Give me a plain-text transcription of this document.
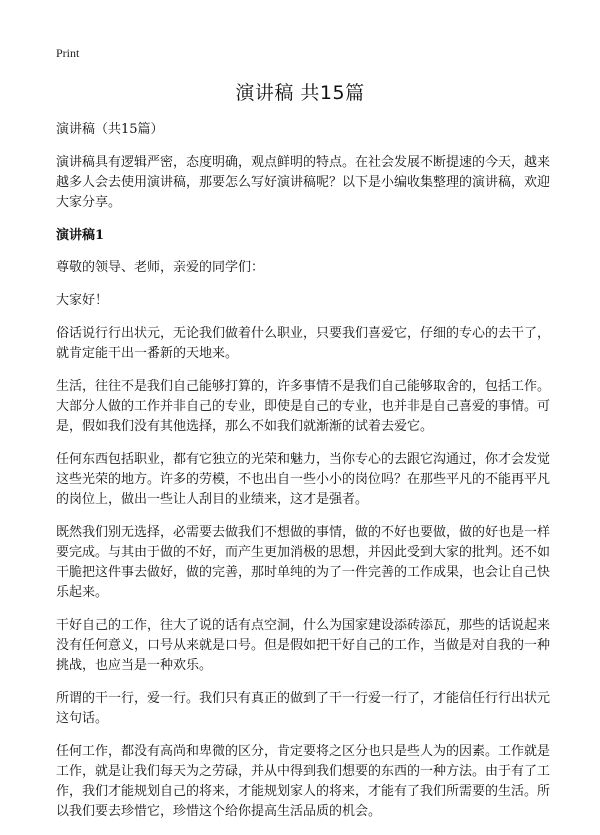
Print
演讲稿 共15篇

演讲稿（共15篇）

演讲稿具有逻辑严密，态度明确，观点鲜明的特点。在社会发展不断提速的今天，越来越多人会去使用演讲稿，那要怎么写好演讲稿呢？以下是小编收集整理的演讲稿，欢迎大家分享。

演讲稿1

尊敬的领导、老师，亲爱的同学们：

大家好！

俗话说行行出状元，无论我们做着什么职业，只要我们喜爱它，仔细的专心的去干了，就肯定能干出一番新的天地来。

生活，往往不是我们自己能够打算的，许多事情不是我们自己能够取舍的，包括工作。大部分人做的工作并非自己的专业，即使是自己的专业，也并非是自己喜爱的事情。可是，假如我们没有其他选择，那么不如我们就渐渐的试着去爱它。

任何东西包括职业，都有它独立的光荣和魅力，当你专心的去跟它沟通过，你才会发觉这些光荣的地方。许多的劳模，不也出自一些小小的岗位吗？在那些平凡的不能再平凡的岗位上，做出一些让人刮目的业绩来，这才是强者。

既然我们别无选择，必需要去做我们不想做的事情，做的不好也要做，做的好也是一样要完成。与其由于做的不好，而产生更加消极的思想，并因此受到大家的批判。还不如干脆把这件事去做好，做的完善，那时单纯的为了一件完善的工作成果，也会让自己快乐起来。

干好自己的工作，往大了说的话有点空洞，什么为国家建设添砖添瓦，那些的话说起来没有任何意义，口号从来就是口号。但是假如把干好自己的工作，当做是对自我的一种挑战，也应当是一种欢乐。

所谓的干一行，爱一行。我们只有真正的做到了干一行爱一行了，才能信任行行出状元这句话。

任何工作，都没有高尚和卑微的区分，肯定要将之区分也只是些人为的因素。工作就是工作，就是让我们每天为之劳碌，并从中得到我们想要的东西的一种方法。由于有了工作，我们才能规划自己的将来，才能规划家人的将来，才能有了我们所需要的生活。所以我们要去珍惜它，珍惜这个给你提高生活品质的机会。
